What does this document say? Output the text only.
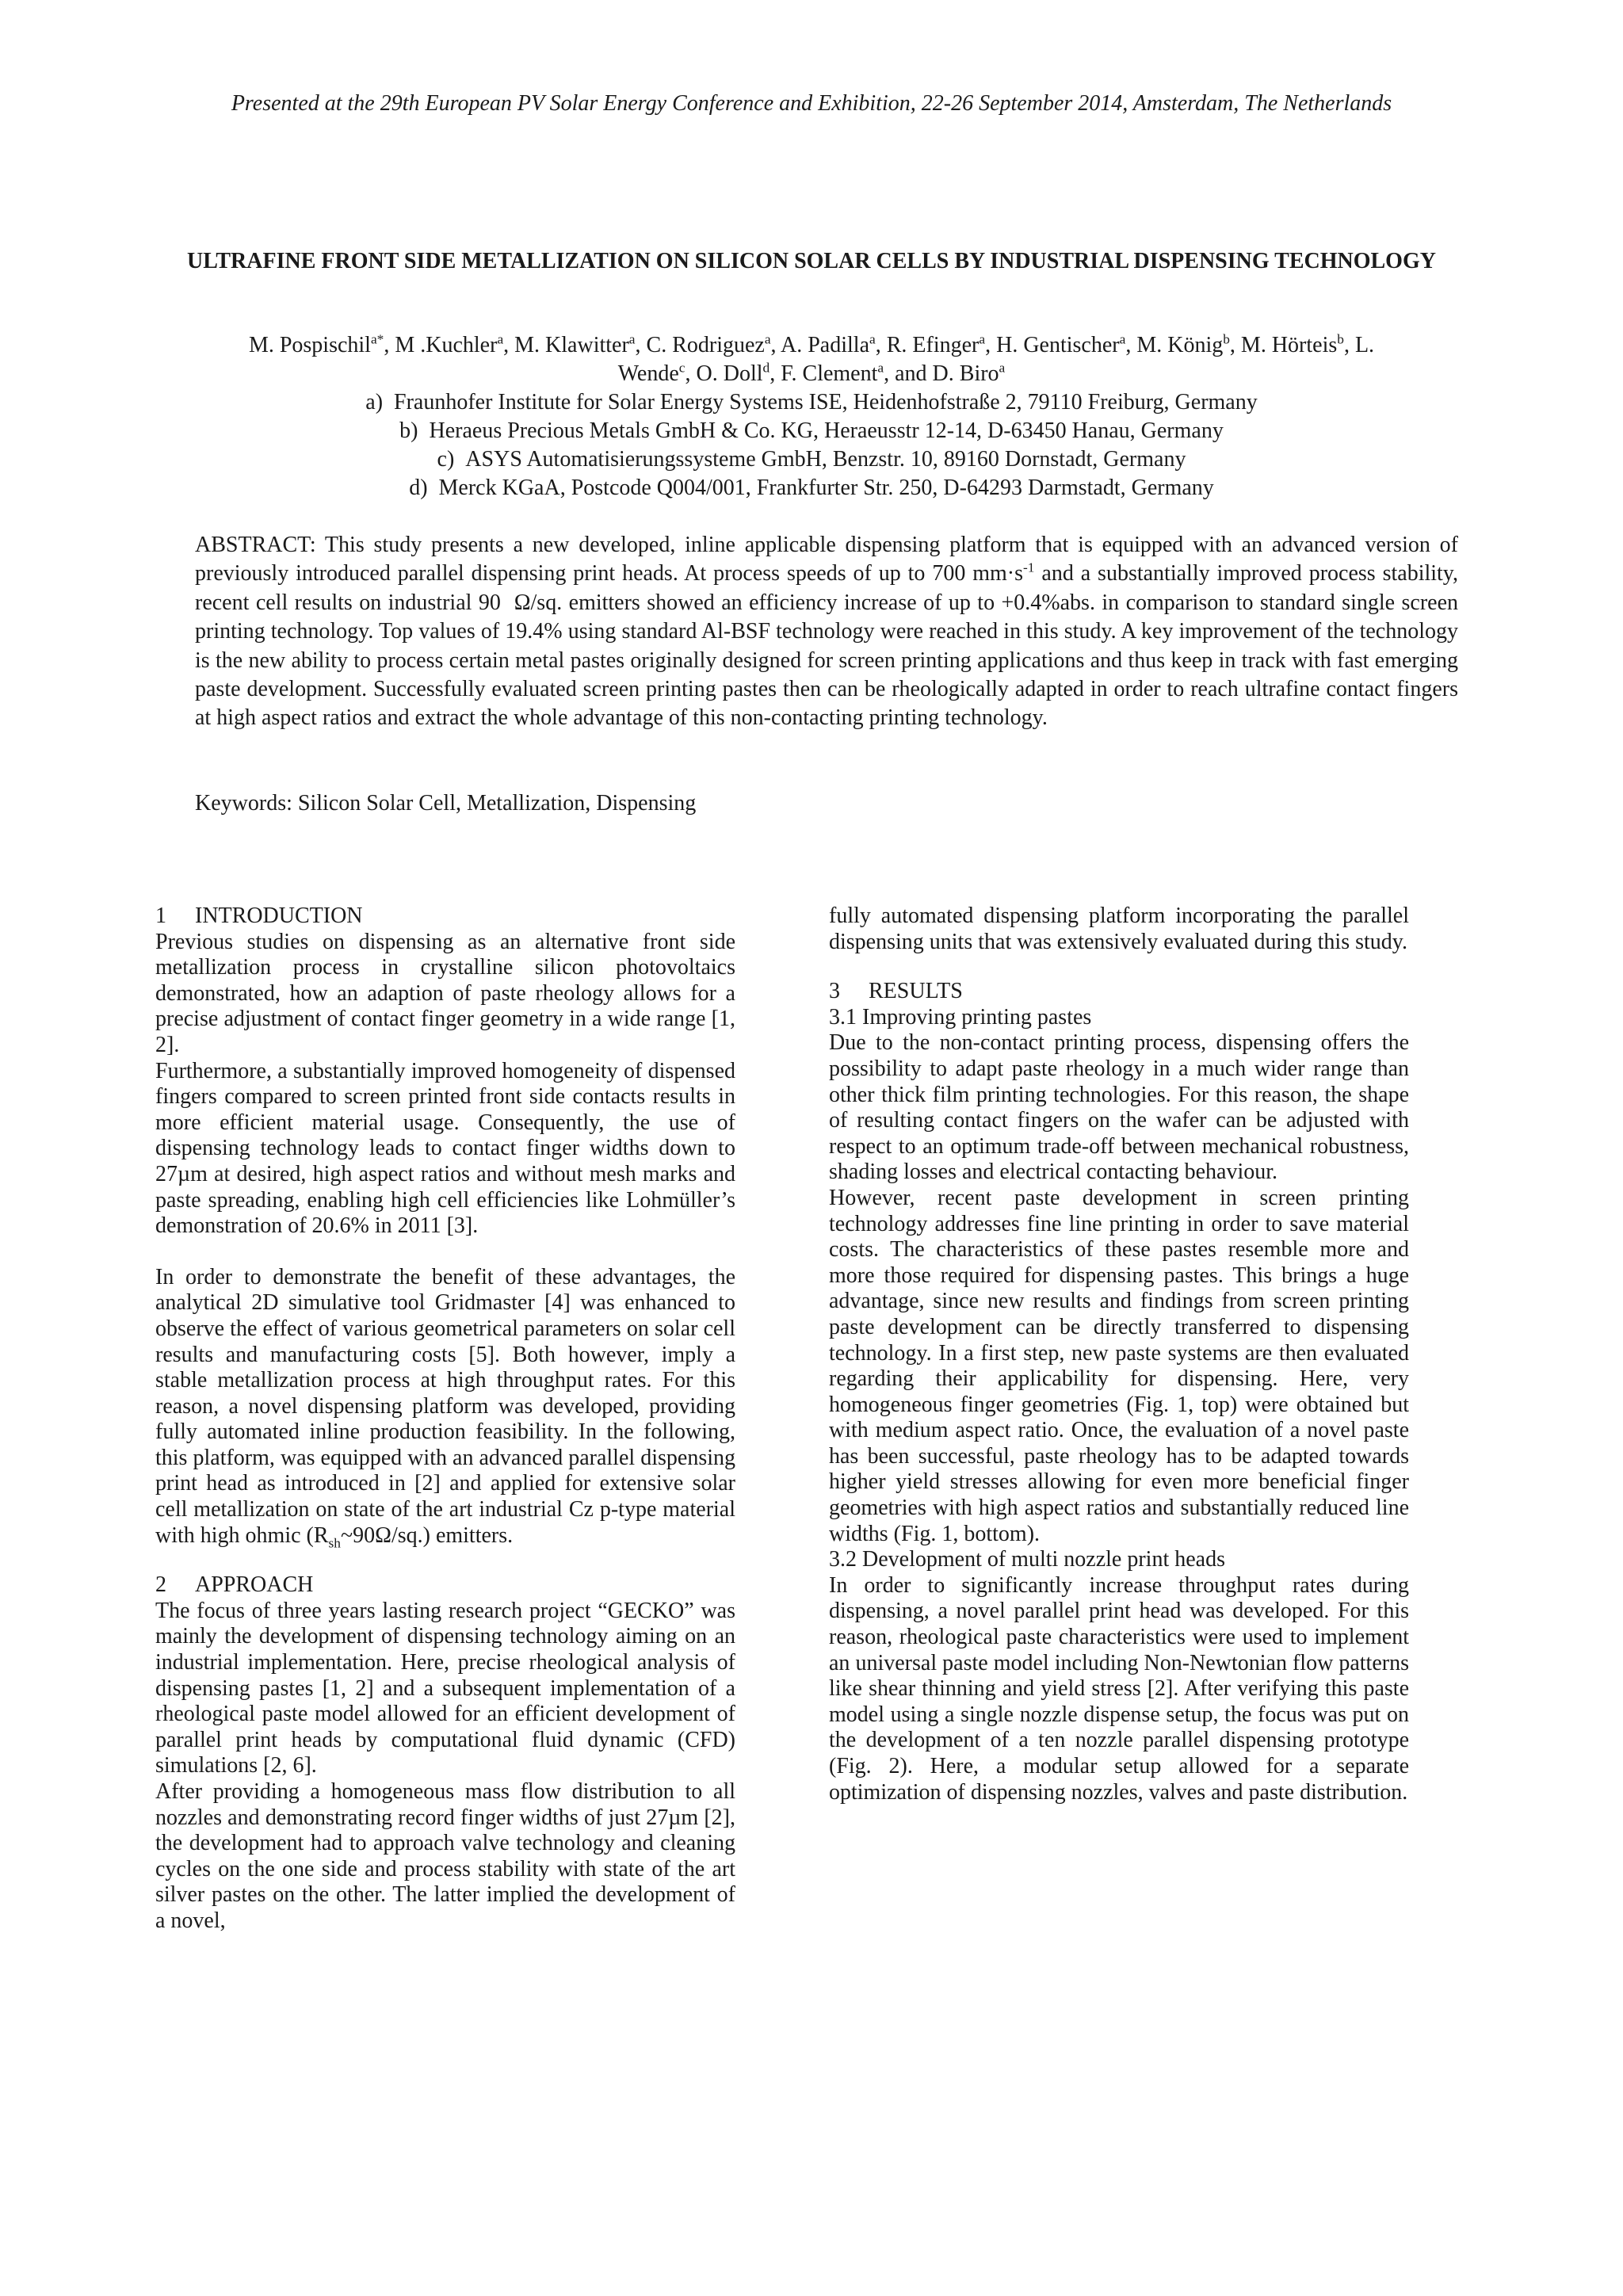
Presented at the 29th European PV Solar Energy Conference and Exhibition, 22-26 September 2014, Amsterdam, The Netherlands
ULTRAFINE FRONT SIDE METALLIZATION ON SILICON SOLAR CELLS BY INDUSTRIAL DISPENSING TECHNOLOGY
M. Pospischil$^{a*}$, M .Kuchler$^a$, M. Klawitter$^a$, C. Rodriguez$^a$, A. Padilla$^a$, R. Efinger$^a$, H. Gentischer$^a$, M. König$^b$, M. Hörteis$^b$, L. Wende$^c$, O. Doll$^d$, F. Clement$^a$, and D. Biro$^a$
a)  Fraunhofer Institute for Solar Energy Systems ISE, Heidenhofstraße 2, 79110 Freiburg, Germany
b)  Heraeus Precious Metals GmbH & Co. KG, Heraeusstr 12-14, D-63450 Hanau, Germany
c)  ASYS Automatisierungssysteme GmbH, Benzstr. 10, 89160 Dornstadt, Germany
d)  Merck KGaA, Postcode Q004/001, Frankfurter Str. 250, D-64293 Darmstadt, Germany
ABSTRACT: This study presents a new developed, inline applicable dispensing platform that is equipped with an advanced version of previously introduced parallel dispensing print heads. At process speeds of up to 700 $mm\cdot s^{-1}$ and a substantially improved process stability, recent cell results on industrial 90  Ω/sq. emitters showed an efficiency increase of up to +0.4%abs. in comparison to standard single screen printing technology. Top values of 19.4% using standard Al-BSF technology were reached in this study. A key improvement of the technology is the new ability to process certain metal pastes originally designed for screen printing applications and thus keep in track with fast emerging paste development. Successfully evaluated screen printing pastes then can be rheologically adapted in order to reach ultrafine contact fingers at high aspect ratios and extract the whole advantage of this non-contacting printing technology.
Keywords: Silicon Solar Cell, Metallization, Dispensing

1 INTRODUCTION

Previous studies on dispensing as an alternative front side metallization process in crystalline silicon photovoltaics demonstrated, how an adaption of paste rheology allows for a precise adjustment of contact finger geometry in a wide range [1, 2].

Furthermore, a substantially improved homogeneity of dispensed fingers compared to screen printed front side contacts results in more efficient material usage. Consequently, the use of dispensing technology leads to contact finger widths down to 27µm at desired, high aspect ratios and without mesh marks and paste spreading, enabling high cell efficiencies like Lohmüller’s demonstration of 20.6% in 2011 [3].

In order to demonstrate the benefit of these advantages, the analytical 2D simulative tool Gridmaster [4] was enhanced to observe the effect of various geometrical parameters on solar cell results and manufacturing costs [5]. Both however, imply a stable metallization process at high throughput rates. For this reason, a novel dispensing platform was developed, providing fully automated inline production feasibility. In the following, this platform, was equipped with an advanced parallel dispensing print head as introduced in [2] and applied for extensive solar cell metallization on state of the art industrial Cz p-type material with high ohmic $(R_{sh}\sim 90\Omega/sq.)$ emitters.

2 APPROACH

The focus of three years lasting research project “GECKO” was mainly the development of dispensing technology aiming on an industrial implementation. Here, precise rheological analysis of dispensing pastes [1, 2] and a subsequent implementation of a rheological paste model allowed for an efficient development of parallel print heads by computational fluid dynamic (CFD) simulations [2, 6].

After providing a homogeneous mass flow distribution to all nozzles and demonstrating record finger widths of just 27µm [2], the development had to approach valve technology and cleaning cycles on the one side and process stability with state of the art silver pastes on the other. The latter implied the development of a novel,

fully automated dispensing platform incorporating the parallel dispensing units that was extensively evaluated during this study.

3 RESULTS

3.1 Improving printing pastes

Due to the non-contact printing process, dispensing offers the possibility to adapt paste rheology in a much wider range than other thick film printing technologies. For this reason, the shape of resulting contact fingers on the wafer can be adjusted with respect to an optimum trade-off between mechanical robustness, shading losses and electrical contacting behaviour.

However, recent paste development in screen printing technology addresses fine line printing in order to save material costs. The characteristics of these pastes resemble more and more those required for dispensing pastes. This brings a huge advantage, since new results and findings from screen printing paste development can be directly transferred to dispensing technology. In a first step, new paste systems are then evaluated regarding their applicability for dispensing. Here, very homogeneous finger geometries (Fig. 1, top) were obtained but with medium aspect ratio. Once, the evaluation of a novel paste has been successful, paste rheology has to be adapted towards higher yield stresses allowing for even more beneficial finger geometries with high aspect ratios and substantially reduced line widths (Fig. 1, bottom).

3.2 Development of multi nozzle print heads

In order to significantly increase throughput rates during dispensing, a novel parallel print head was developed. For this reason, rheological paste characteristics were used to implement an universal paste model including Non-Newtonian flow patterns like shear thinning and yield stress [2]. After verifying this paste model using a single nozzle dispense setup, the focus was put on the development of a ten nozzle parallel dispensing prototype (Fig. 2). Here, a modular setup allowed for a separate optimization of dispensing nozzles, valves and paste distribution.
